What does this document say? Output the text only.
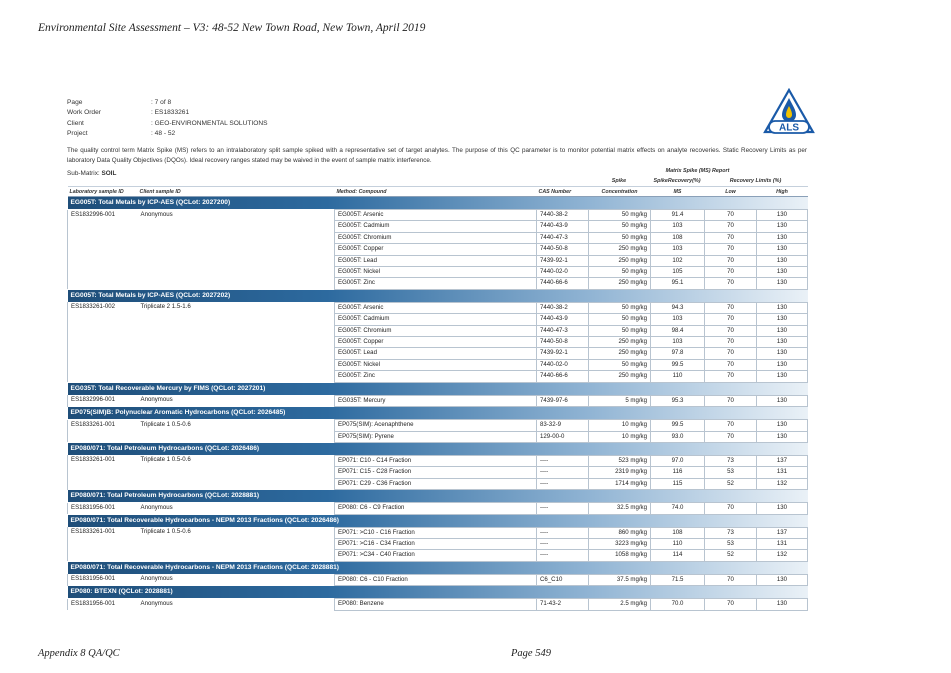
Environmental Site Assessment – V3: 48-52 New Town Road, New Town, April 2019
Page	: 7 of 8
Work Order	: ES1833261
Client	: GEO-ENVIRONMENTAL SOLUTIONS
Project	: 48 - 52	ALS
The quality control term Matrix Spike (MS) refers to an intralaboratory split sample spiked with a representative set of target analytes. The purpose of this QC parameter is to monitor potential matrix effects on analyte recoveries. Static Recovery Limits as per laboratory Data Quality Objectives (DQOs). Ideal recovery ranges stated may be waived in the event of sample matrix interference.
Sub-Matrix: SOIL	Matrix Spike (MS) Report
Spike	SpikeRecovery(%)	Recovery Limits (%)
Laboratory sample ID	Client sample ID	Method: Compound	CAS Number	Concentration	MS	Low	High
EG005T: Total Metals by ICP-AES (QCLot: 2027200)							
ES1832996-001	Anonymous	EG005T: Arsenic	7440-38-2	50 mg/kg	91.4	70	130
		EG005T: Cadmium	7440-43-9	50 mg/kg	103	70	130
		EG005T: Chromium	7440-47-3	50 mg/kg	108	70	130
		EG005T: Copper	7440-50-8	250 mg/kg	103	70	130
		EG005T: Lead	7439-92-1	250 mg/kg	102	70	130
		EG005T: Nickel	7440-02-0	50 mg/kg	105	70	130
		EG005T: Zinc	7440-66-6	250 mg/kg	95.1	70	130
EG005T: Total Metals by ICP-AES (QCLot: 2027202)							
ES1833261-002	Triplicate 2 1.5-1.6	EG005T: Arsenic	7440-38-2	50 mg/kg	94.3	70	130
		EG005T: Cadmium	7440-43-9	50 mg/kg	103	70	130
		EG005T: Chromium	7440-47-3	50 mg/kg	98.4	70	130
		EG005T: Copper	7440-50-8	250 mg/kg	103	70	130
		EG005T: Lead	7439-92-1	250 mg/kg	97.8	70	130
		EG005T: Nickel	7440-02-0	50 mg/kg	99.5	70	130
		EG005T: Zinc	7440-66-6	250 mg/kg	110	70	130
EG035T: Total Recoverable Mercury by FIMS (QCLot: 2027201)							
ES1832996-001	Anonymous	EG035T: Mercury	7439-97-6	5 mg/kg	95.3	70	130
EP075(SIM)B: Polynuclear Aromatic Hydrocarbons (QCLot: 2026485)							
ES1833261-001	Triplicate 1 0.5-0.6	EP075(SIM): Acenaphthene	83-32-9	10 mg/kg	99.5	70	130
		EP075(SIM): Pyrene	129-00-0	10 mg/kg	93.0	70	130
EP080/071: Total Petroleum Hydrocarbons (QCLot: 2026486)							
ES1833261-001	Triplicate 1 0.5-0.6	EP071: C10 - C14 Fraction	----	523 mg/kg	97.0	73	137
		EP071: C15 - C28 Fraction	----	2319 mg/kg	116	53	131
		EP071: C29 - C36 Fraction	----	1714 mg/kg	115	52	132
EP080/071: Total Petroleum Hydrocarbons (QCLot: 2028881)							
ES1831956-001	Anonymous	EP080: C6 - C9 Fraction	----	32.5 mg/kg	74.0	70	130
EP080/071: Total Recoverable Hydrocarbons - NEPM 2013 Fractions (QCLot: 2026486)							
ES1833261-001	Triplicate 1 0.5-0.6	EP071: >C10 - C16 Fraction	----	860 mg/kg	108	73	137
		EP071: >C16 - C34 Fraction	----	3223 mg/kg	110	53	131
		EP071: >C34 - C40 Fraction	----	1058 mg/kg	114	52	132
EP080/071: Total Recoverable Hydrocarbons - NEPM 2013 Fractions (QCLot: 2028881)							
ES1831956-001	Anonymous	EP080: C6 - C10 Fraction	C6_C10	37.5 mg/kg	71.5	70	130
EP080: BTEXN (QCLot: 2028881)							
ES1831956-001	Anonymous	EP080: Benzene	71-43-2	2.5 mg/kg	70.0	70	130
Appendix 8 QA/QC	Page 549
